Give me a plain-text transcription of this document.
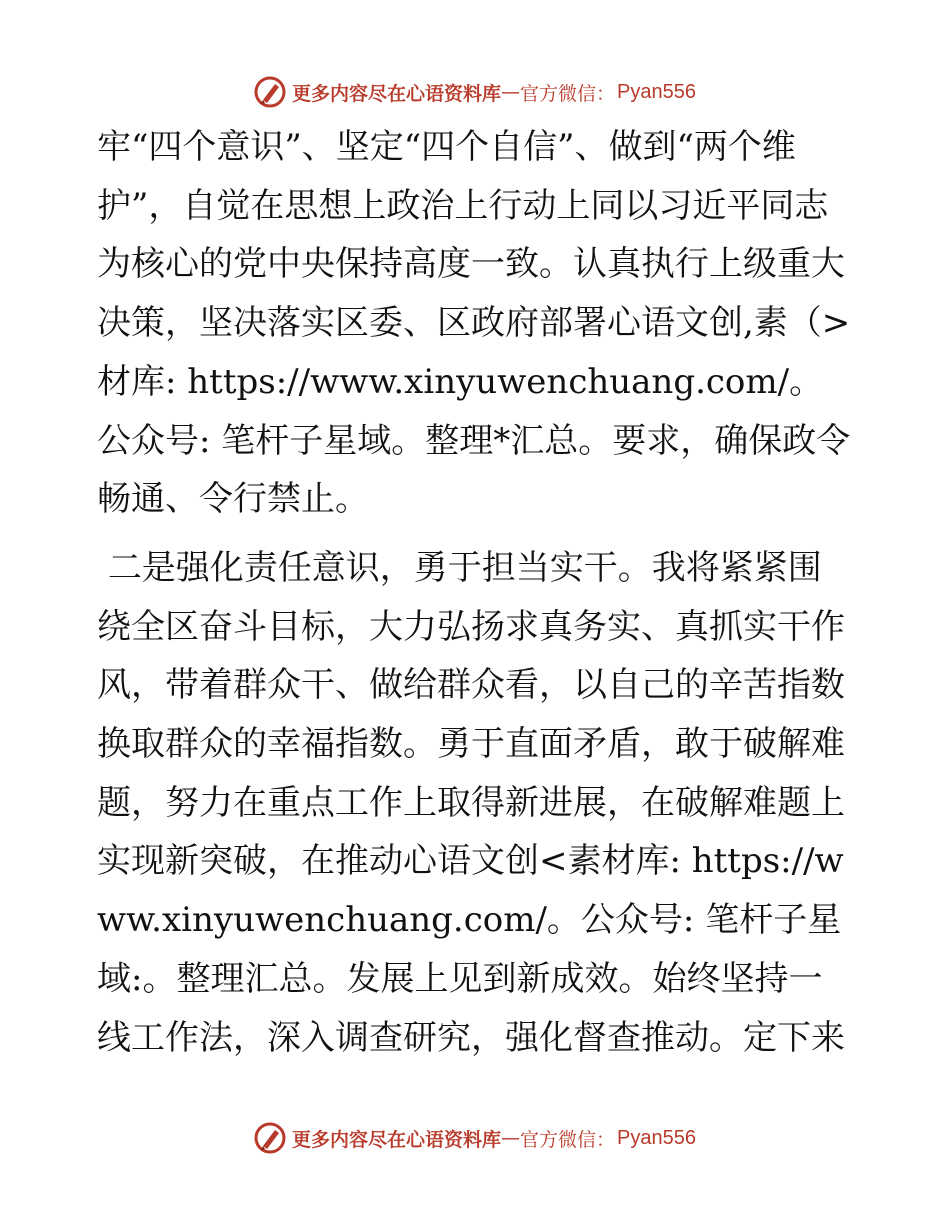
更多内容尽在心语资料库 — 官方微信： Pyan556

牢“四个意识”、坚定“四个自信”、做到“两个维护”，自觉在思想上政治上行动上同以习近平同志为核心的党中央保持高度一致。认真执行上级重大决策，坚决落实区委、区政府部署心语文创,素（>材库: https://www.xinyuwenchuang.com/。公众号: 笔杆子星域。整理*汇总。要求，确保政令畅通、令行禁止。

二是强化责任意识，勇于担当实干。我将紧紧围绕全区奋斗目标，大力弘扬求真务实、真抓实干作风，带着群众干、做给群众看，以自己的辛苦指数换取群众的幸福指数。勇于直面矛盾，敢于破解难题，努力在重点工作上取得新进展，在破解难题上实现新突破，在推动心语文创<素材库: https://www.xinyuwenchuang.com/。公众号: 笔杆子星域:。整理汇总。发展上见到新成效。始终坚持一线工作法，深入调查研究，强化督查推动。定下来

更多内容尽在心语资料库 — 官方微信： Pyan556
